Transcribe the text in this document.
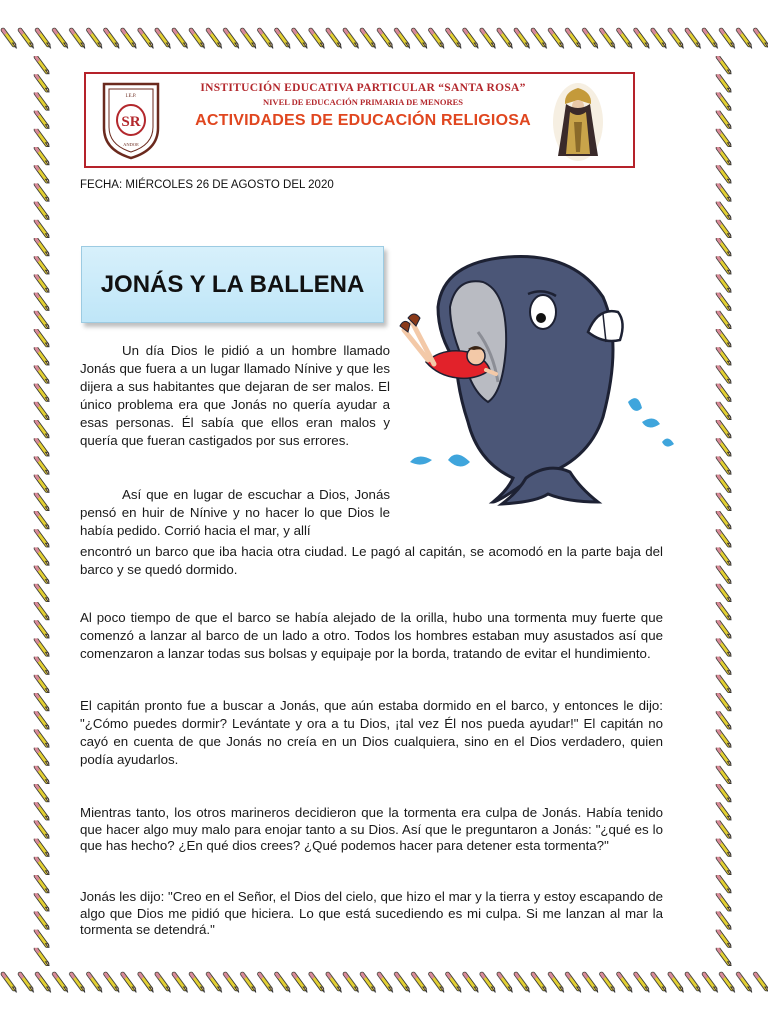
I.E.P.
SR
ANDOE
INSTITUCIÓN EDUCATIVA PARTICULAR “SANTA ROSA”
NIVEL DE EDUCACIÓN PRIMARIA DE MENORES
ACTIVIDADES DE EDUCACIÓN RELIGIOSA
FECHA: MIÉRCOLES 26 DE AGOSTO DEL 2020
JONÁS Y LA BALLENA

Un día Dios le pidió a un hombre llamado Jonás que fuera a un lugar llamado Nínive y que les dijera a sus habitantes que dejaran de ser malos. El único problema era que Jonás no quería ayudar a esas personas. Él sabía que ellos eran malos y quería que fueran castigados por sus errores.

Así que en lugar de escuchar a Dios, Jonás pensó en huir de Nínive y no hacer lo que Dios le había pedido. Corrió hacia el mar, y allí

encontró un barco que iba hacia otra ciudad. Le pagó al capitán, se acomodó en la parte baja del barco y se quedó dormido.

Al poco tiempo de que el barco se había alejado de la orilla, hubo una tormenta muy fuerte que comenzó a lanzar al barco de un lado a otro. Todos los hombres estaban muy asustados así que comenzaron a lanzar todas sus bolsas y equipaje por la borda, tratando de evitar el hundimiento.

El capitán pronto fue a buscar a Jonás, que aún estaba dormido en el barco, y entonces le dijo: "¿Cómo puedes dormir? Levántate y ora a tu Dios, ¡tal vez Él nos pueda ayudar!" El capitán no cayó en cuenta de que Jonás no creía en un Dios cualquiera, sino en el Dios verdadero, quien podía ayudarlos.

Mientras tanto, los otros marineros decidieron que la tormenta era culpa de Jonás. Había tenido que hacer algo muy malo para enojar tanto a su Dios. Así que le preguntaron a Jonás: "¿qué es lo que has hecho? ¿En qué dios crees? ¿Qué podemos hacer para detener esta tormenta?"

Jonás les dijo: "Creo en el Señor, el Dios del cielo, que hizo el mar y la tierra y estoy escapando de algo que Dios me pidió que hiciera. Lo que está sucediendo es mi culpa. Si me lanzan al mar la tormenta se detendrá."
